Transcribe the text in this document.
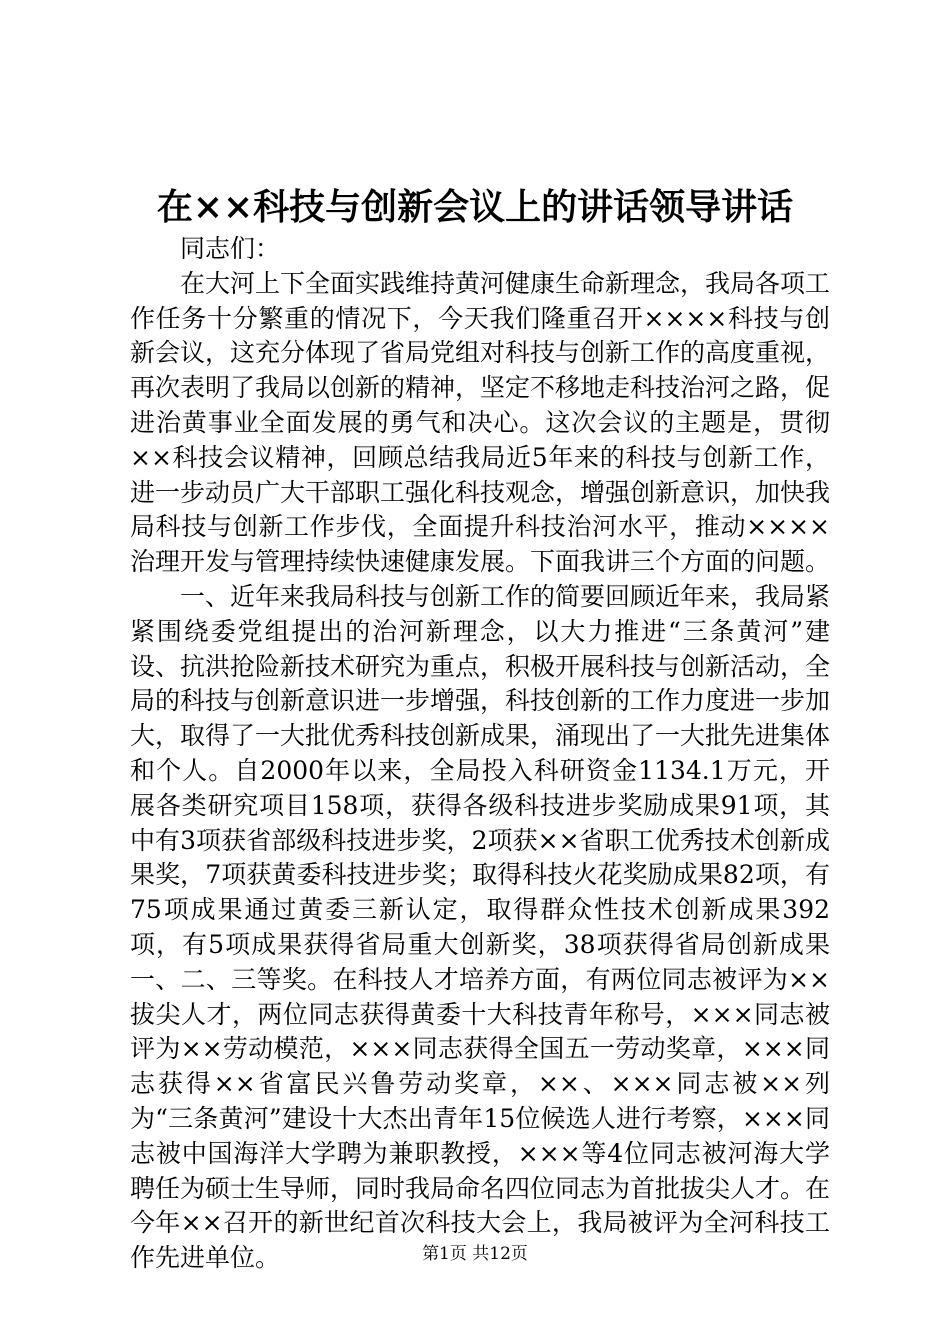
在××科技与创新会议上的讲话领导讲话

同志们：

在大河上下全面实践维持黄河健康生命新理念，我局各项工作任务十分繁重的情况下，今天我们隆重召开××××科技与创新会议，这充分体现了省局党组对科技与创新工作的高度重视，再次表明了我局以创新的精神，坚定不移地走科技治河之路，促进治黄事业全面发展的勇气和决心。这次会议的主题是，贯彻××科技会议精神，回顾总结我局近5年来的科技与创新工作，进一步动员广大干部职工强化科技观念，增强创新意识，加快我局科技与创新工作步伐，全面提升科技治河水平，推动××××治理开发与管理持续快速健康发展。下面我讲三个方面的问题。

一、近年来我局科技与创新工作的简要回顾近年来，我局紧紧围绕委党组提出的治河新理念，以大力推进“三条黄河”建设、抗洪抢险新技术研究为重点，积极开展科技与创新活动，全局的科技与创新意识进一步增强，科技创新的工作力度进一步加大，取得了一大批优秀科技创新成果，涌现出了一大批先进集体和个人。自2000年以来，全局投入科研资金1134.1万元，开展各类研究项目158项，获得各级科技进步奖励成果91项，其中有3项获省部级科技进步奖，2项获××省职工优秀技术创新成果奖，7项获黄委科技进步奖；取得科技火花奖励成果82项，有75项成果通过黄委三新认定，取得群众性技术创新成果392项，有5项成果获得省局重大创新奖，38项获得省局创新成果一、二、三等奖。在科技人才培养方面，有两位同志被评为××拔尖人才，两位同志获得黄委十大科技青年称号，×××同志被评为××劳动模范，×××同志获得全国五一劳动奖章，×××同志获得××省富民兴鲁劳动奖章，××、×××同志被××列为“三条黄河”建设十大杰出青年15位候选人进行考察，×××同志被中国海洋大学聘为兼职教授，×××等4位同志被河海大学聘任为硕士生导师，同时我局命名四位同志为首批拔尖人才。在今年××召开的新世纪首次科技大会上，我局被评为全河科技工作先进单位。	第1页 共12页
